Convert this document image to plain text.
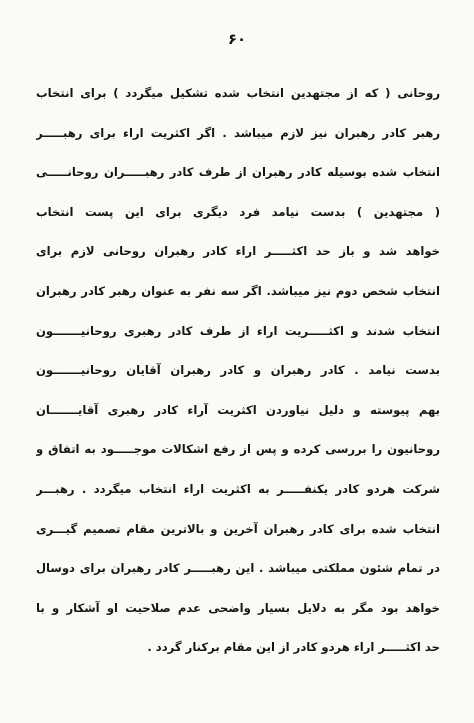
۶۰
روحانی ( که از مجتهدین انتخاب شده تشکیل میگردد ) برای انتخاب
رهبر کادر رهبران نیز لازم میباشد . اگر اکثریت اراء برای رهبـــــر
انتخاب شده بوسیله کادر رهبران از طرف کادر رهبـــــران روحانـــــی
( مجتهدین ) بدست نیامد فرد دیگری برای این پست انتخاب
خواهد شد و باز حد اکثـــــر اراء کادر رهبران روحانی لازم برای
انتخاب شخص دوم نیز میباشد. اگر سه نفر به عنوان رهبر کادر رهبران
انتخاب شدند و اکثـــــریت اراء از طرف کادر رهبری روحانیـــــــون
بدست نیامد . کادر رهبران و کادر رهبران آقایان روحانیـــــــون
بهم پیوسته و دلیل نیاوردن اکثریت آراء کادر رهبری آقایـــــــان
روحانیون را بررسی کرده و پس از رفع اشکالات موجـــــود به اتفاق و
شرکت هردو کادر یکنفـــــر به اکثریت اراء انتخاب میگردد . رهبـــر
انتخاب شده برای کادر رهبران آخرین و بالاترین مقام تصمیم گیـــری
در تمام شئون مملکتی میباشد . این رهبـــــر کادر رهبران برای دوسال
خواهد بود مگر به دلایل بسیار واضحی عدم صلاحیت او آشکار و با
حد اکثـــــر اراء هردو کادر از این مقام برکنار گردد .
